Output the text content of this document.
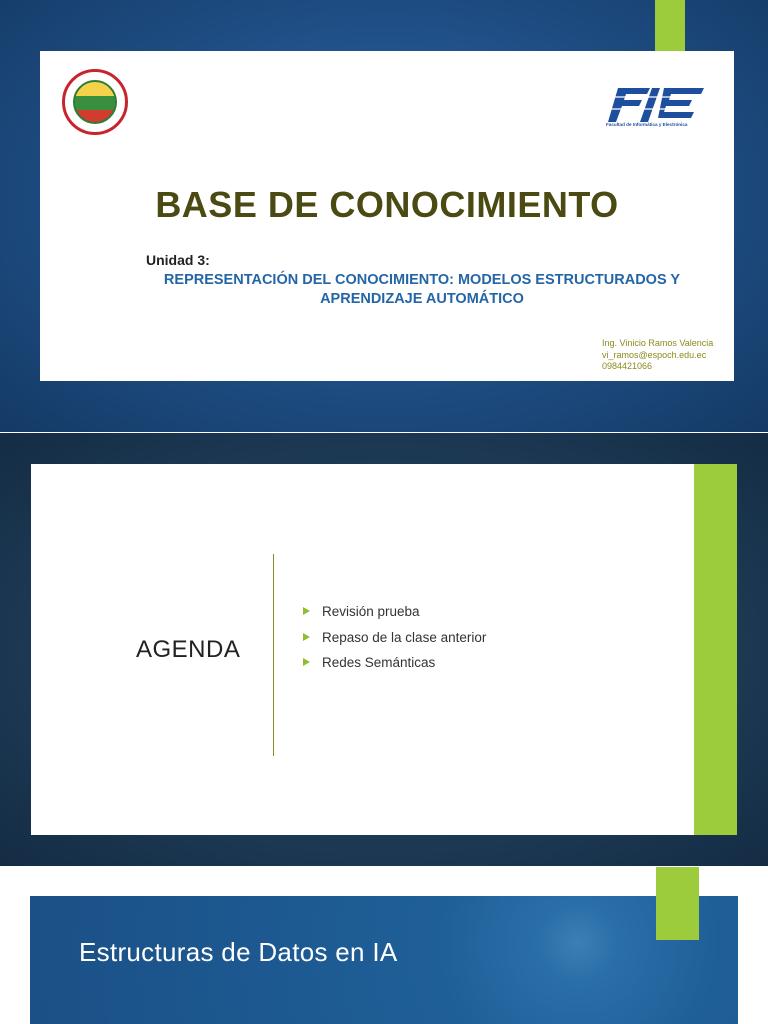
Facultad de Informática y Electrónica
BASE DE CONOCIMIENTO
Unidad 3:
REPRESENTACIÓN DEL CONOCIMIENTO: MODELOS ESTRUCTURADOS Y
APRENDIZAJE AUTOMÁTICO
Ing. Vinicio Ramos Valencia
vi_ramos@espoch.edu.ec
0984421066
AGENDA
Revisión prueba
Repaso de la clase anterior
Redes Semánticas
Estructuras de Datos en IA
